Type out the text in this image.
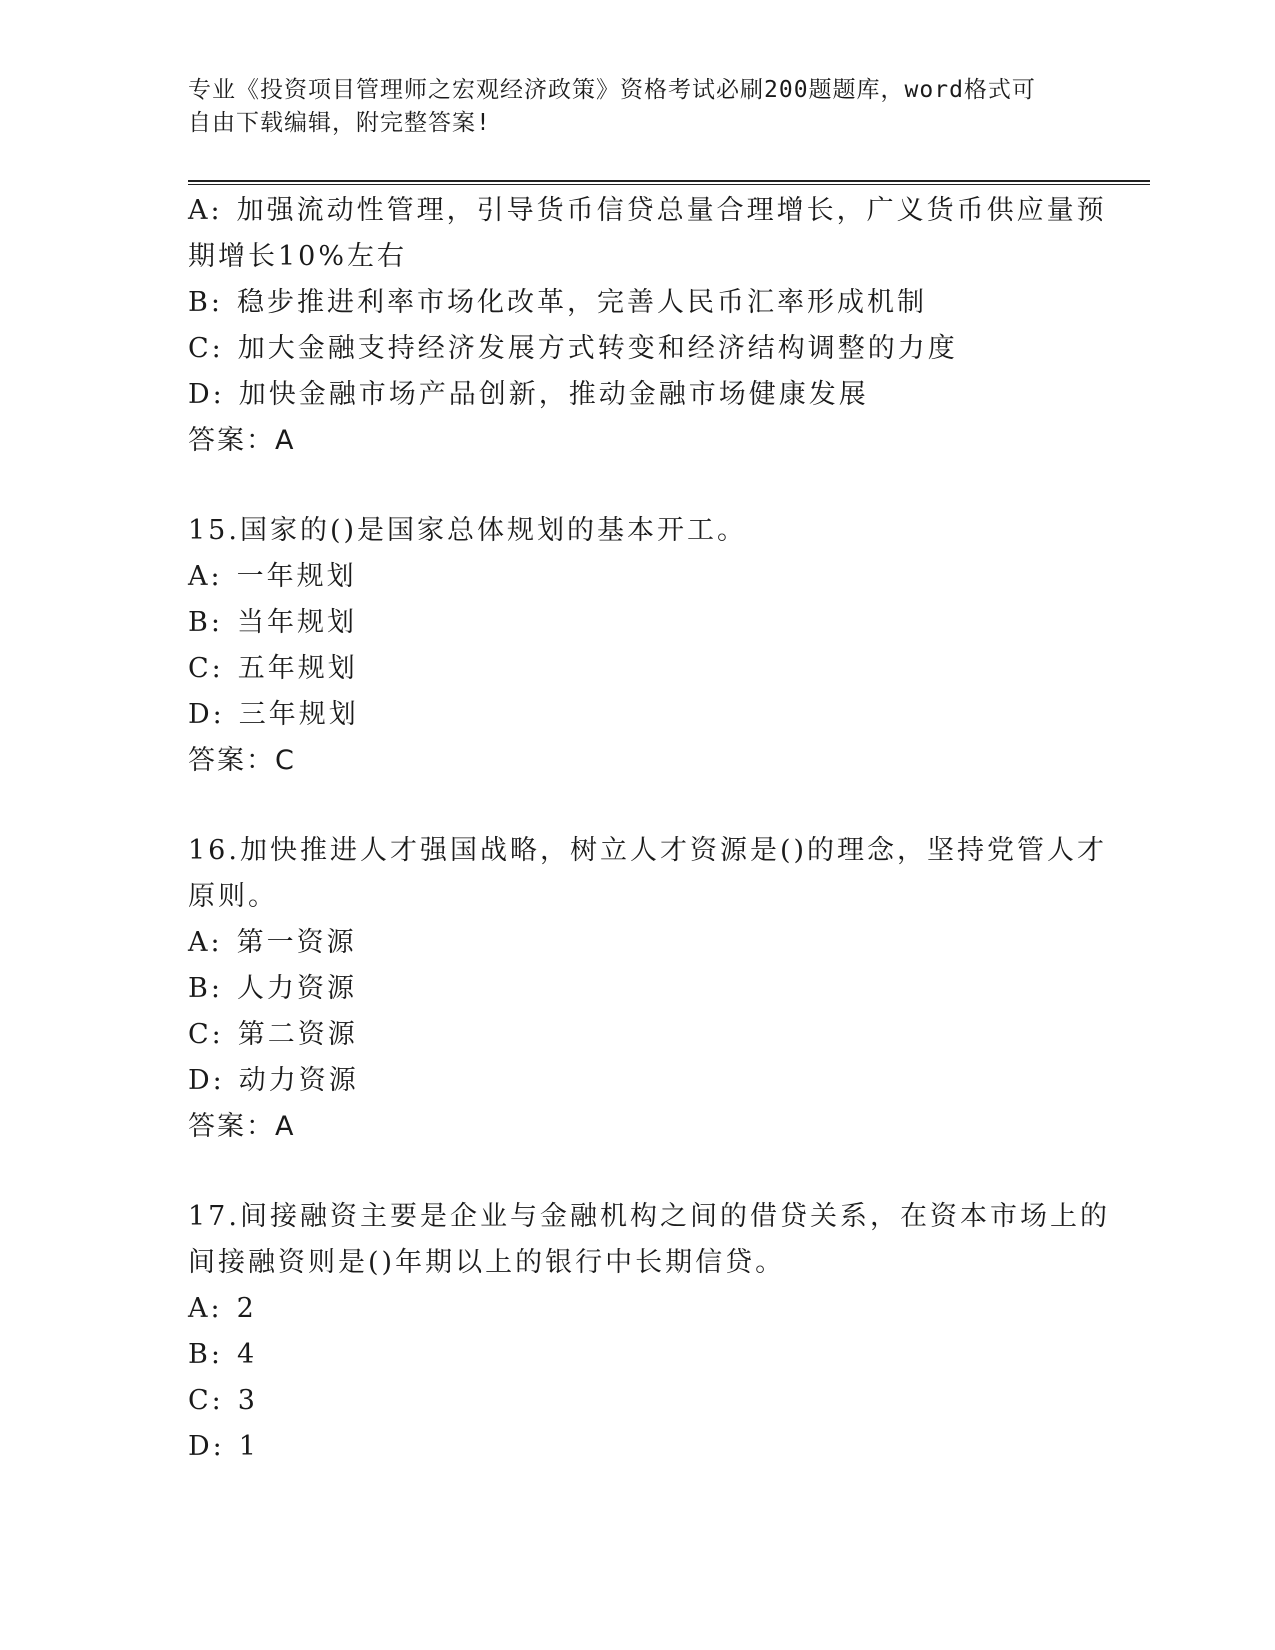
专业《投资项目管理师之宏观经济政策》资格考试必刷200题题库，word格式可
自由下载编辑，附完整答案!
A: 加强流动性管理，引导货币信贷总量合理增长，广义货币供应量预
期增长10%左右
B: 稳步推进利率市场化改革，完善人民币汇率形成机制
C: 加大金融支持经济发展方式转变和经济结构调整的力度
D: 加快金融市场产品创新，推动金融市场健康发展
答案：A
15.国家的()是国家总体规划的基本开工。
A: 一年规划
B: 当年规划
C: 五年规划
D: 三年规划
答案：C
16.加快推进人才强国战略，树立人才资源是()的理念，坚持党管人才
原则。
A: 第一资源
B: 人力资源
C: 第二资源
D: 动力资源
答案：A
17.间接融资主要是企业与金融机构之间的借贷关系，在资本市场上的
间接融资则是()年期以上的银行中长期信贷。
A: 2
B: 4
C: 3
D: 1
